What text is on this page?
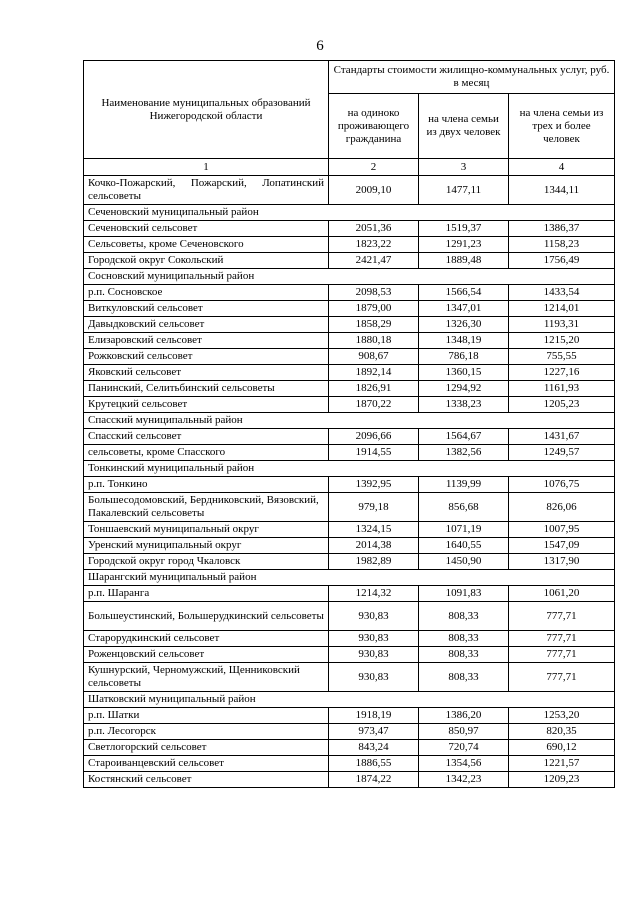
6
Наименование муниципальных образований Нижегородской области	Стандарты стоимости жилищно-коммунальных услуг, руб. в месяц		
	на одиноко проживающего гражданина	на члена семьи из двух человек	на члена семьи из трех и более человек
1	2	3	4
Кочко-Пожарский, Пожарский, Лопатинский сельсоветы	2009,10	1477,11	1344,11
Сеченовский муниципальный район			
Сеченовский сельсовет	2051,36	1519,37	1386,37
Сельсоветы, кроме Сеченовского	1823,22	1291,23	1158,23
Городской округ Сокольский	2421,47	1889,48	1756,49
Сосновский муниципальный район			
р.п. Сосновское	2098,53	1566,54	1433,54
Виткуловский сельсовет	1879,00	1347,01	1214,01
Давыдковский сельсовет	1858,29	1326,30	1193,31
Елизаровский сельсовет	1880,18	1348,19	1215,20
Рожковский сельсовет	908,67	786,18	755,55
Яковский сельсовет	1892,14	1360,15	1227,16
Панинский, Селитьбинский сельсоветы	1826,91	1294,92	1161,93
Крутецкий сельсовет	1870,22	1338,23	1205,23
Спасский муниципальный район			
Спасский сельсовет	2096,66	1564,67	1431,67
сельсоветы, кроме Спасского	1914,55	1382,56	1249,57
Тонкинский муниципальный район			
р.п. Тонкино	1392,95	1139,99	1076,75
Большесодомовский, Бердниковский, Вязовский, Пакалевский сельсоветы	979,18	856,68	826,06
Тоншаевский муниципальный округ	1324,15	1071,19	1007,95
Уренский муниципальный округ	2014,38	1640,55	1547,09
Городской округ город Чкаловск	1982,89	1450,90	1317,90
Шарангский муниципальный район			
р.п. Шаранга	1214,32	1091,83	1061,20
Большеустинский, Большерудкинский сельсоветы	930,83	808,33	777,71
Старорудкинский сельсовет	930,83	808,33	777,71
Роженцовский сельсовет	930,83	808,33	777,71
Кушнурский, Черномужский, Щенниковский сельсоветы	930,83	808,33	777,71
Шатковский муниципальный район			
р.п. Шатки	1918,19	1386,20	1253,20
р.п. Лесогорск	973,47	850,97	820,35
Светлогорский сельсовет	843,24	720,74	690,12
Староиванцевский сельсовет	1886,55	1354,56	1221,57
Костянский сельсовет	1874,22	1342,23	1209,23
